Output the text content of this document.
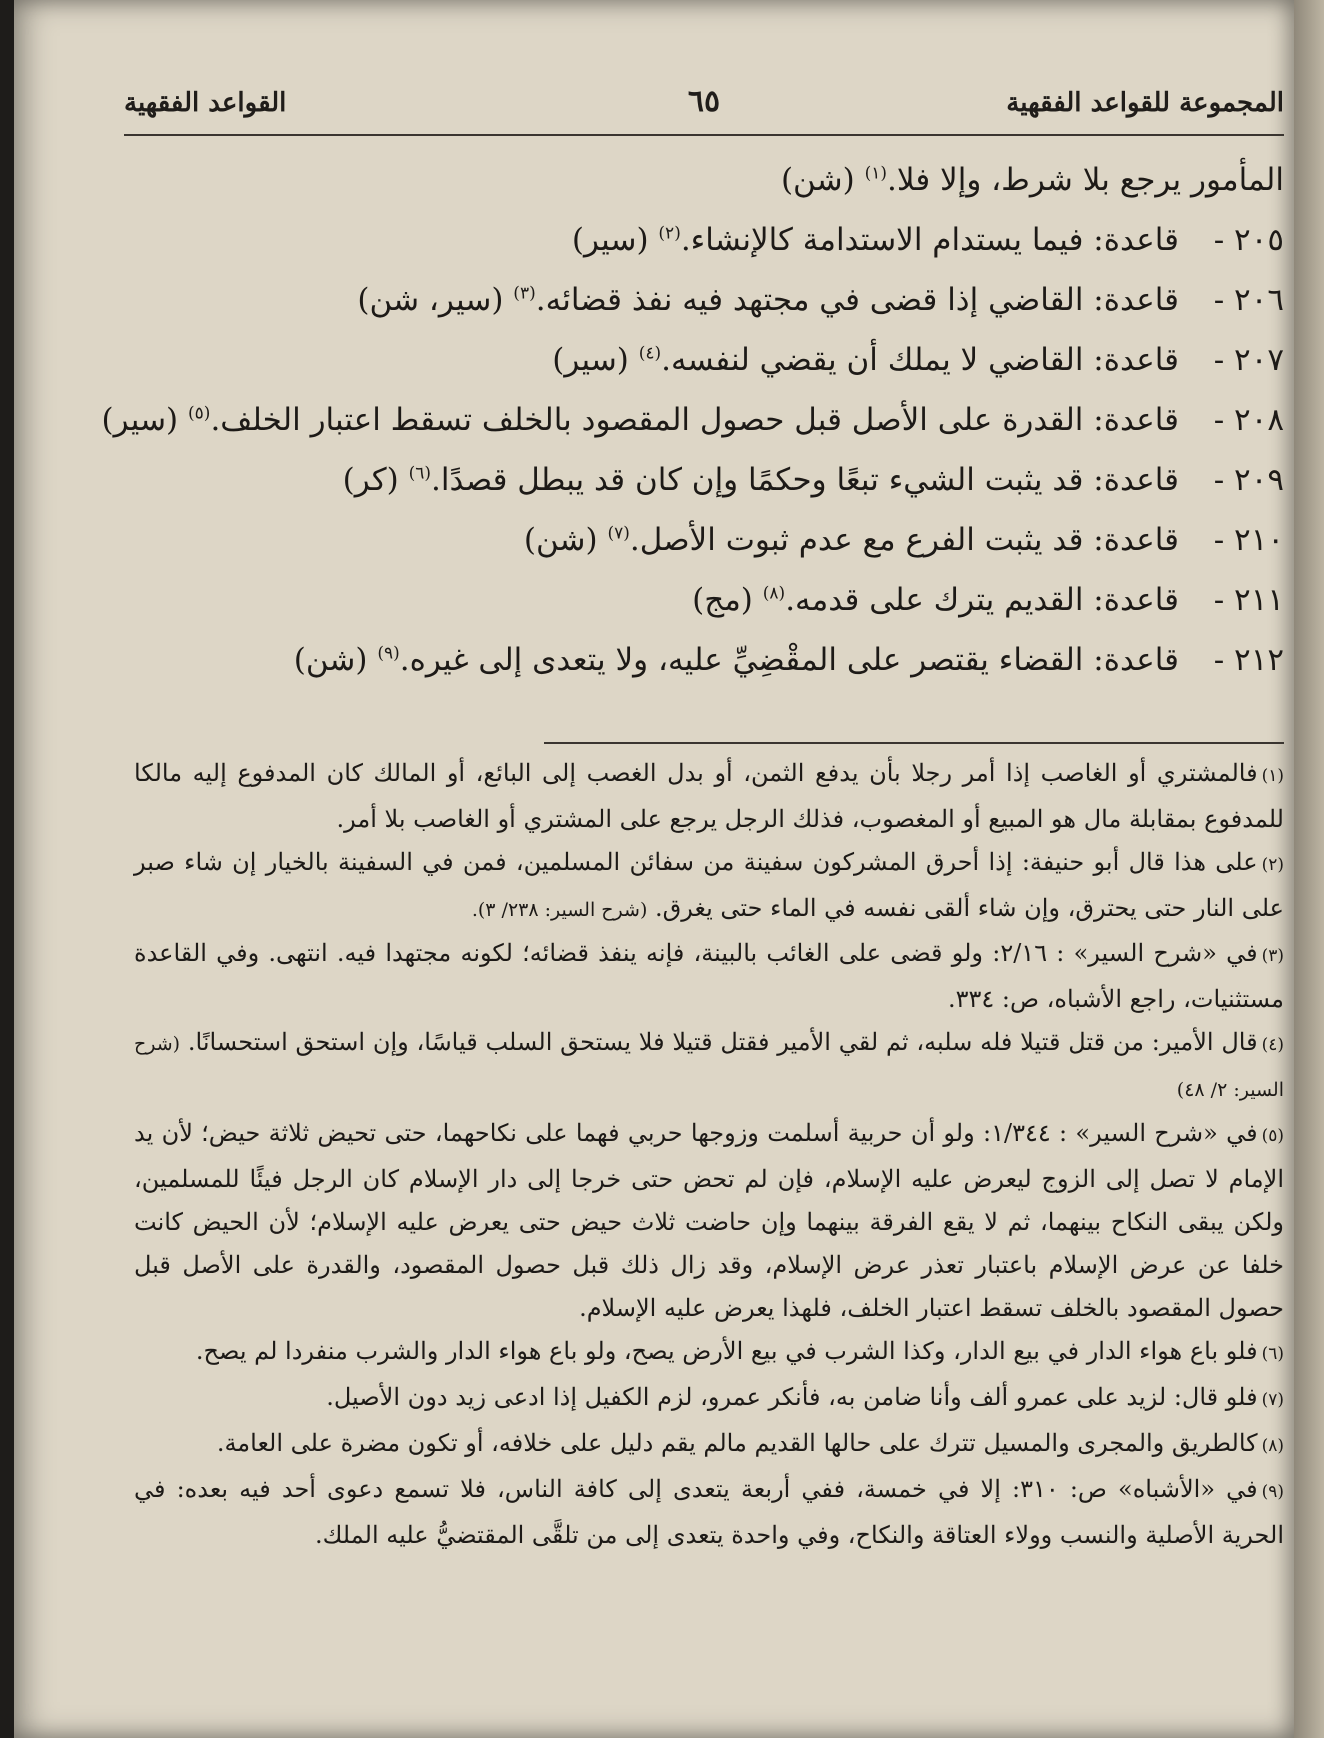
المجموعة للقواعد الفقهية
٦٥
القواعد الفقهية
المأمور يرجع بلا شرط، وإلا فلا.$^{(١)}$ (شن)
٢٠٥ -قاعدة: فيما يستدام الاستدامة كالإنشاء.$^{(٢)}$ (سير)
٢٠٦ -قاعدة: القاضي إذا قضى في مجتهد فيه نفذ قضائه.$^{(٣)}$ (سير، شن)
٢٠٧ -قاعدة: القاضي لا يملك أن يقضي لنفسه.$^{(٤)}$ (سير)
٢٠٨ -قاعدة: القدرة على الأصل قبل حصول المقصود بالخلف تسقط اعتبار الخلف.$^{(٥)}$ (سير)
٢٠٩ -قاعدة: قد يثبت الشيء تبعًا وحكمًا وإن كان قد يبطل قصدًا.$^{(٦)}$ (كر)
٢١٠ -قاعدة: قد يثبت الفرع مع عدم ثبوت الأصل.$^{(٧)}$ (شن)
٢١١ -قاعدة: القديم يترك على قدمه.$^{(٨)}$ (مج)
٢١٢ -قاعدة: القضاء يقتصر على المقْضِيِّ عليه، ولا يتعدى إلى غيره.$^{(٩)}$ (شن)

(١)فالمشتري أو الغاصب إذا أمر رجلا بأن يدفع الثمن، أو بدل الغصب إلى البائع، أو المالك كان المدفوع إليه مالكا للمدفوع بمقابلة مال هو المبيع أو المغصوب، فذلك الرجل يرجع على المشتري أو الغاصب بلا أمر.

(٢)على هذا قال أبو حنيفة: إذا أحرق المشركون سفينة من سفائن المسلمين، فمن في السفينة بالخيار إن شاء صبر على النار حتى يحترق، وإن شاء ألقى نفسه في الماء حتى يغرق. (شرح السير: ٢٣٨/ ٣).

(٣)في «شرح السير» : ٢/١٦: ولو قضى على الغائب بالبينة، فإنه ينفذ قضائه؛ لكونه مجتهدا فيه. انتهى. وفي القاعدة مستثنيات، راجع الأشباه، ص: ٣٣٤.

(٤)قال الأمير: من قتل قتيلا فله سلبه، ثم لقي الأمير فقتل قتيلا فلا يستحق السلب قياسًا، وإن استحق استحسانًا. (شرح السير: ٢/ ٤٨)

(٥)في «شرح السير» : ١/٣٤٤: ولو أن حربية أسلمت وزوجها حربي فهما على نكاحهما، حتى تحيض ثلاثة حيض؛ لأن يد الإمام لا تصل إلى الزوج ليعرض عليه الإسلام، فإن لم تحض حتى خرجا إلى دار الإسلام كان الرجل فيئًا للمسلمين، ولكن يبقى النكاح بينهما، ثم لا يقع الفرقة بينهما وإن حاضت ثلاث حيض حتى يعرض عليه الإسلام؛ لأن الحيض كانت خلفا عن عرض الإسلام باعتبار تعذر عرض الإسلام، وقد زال ذلك قبل حصول المقصود، والقدرة على الأصل قبل حصول المقصود بالخلف تسقط اعتبار الخلف، فلهذا يعرض عليه الإسلام.

(٦)فلو باع هواء الدار في بيع الدار، وكذا الشرب في بيع الأرض يصح، ولو باع هواء الدار والشرب منفردا لم يصح.

(٧)فلو قال: لزيد على عمرو ألف وأنا ضامن به، فأنكر عمرو، لزم الكفيل إذا ادعى زيد دون الأصيل.

(٨)كالطريق والمجرى والمسيل تترك على حالها القديم مالم يقم دليل على خلافه، أو تكون مضرة على العامة.

(٩)في «الأشباه» ص: ٣١٠: إلا في خمسة، ففي أربعة يتعدى إلى كافة الناس، فلا تسمع دعوى أحد فيه بعده: في الحرية الأصلية والنسب وولاء العتاقة والنكاح، وفي واحدة يتعدى إلى من تلقَّى المقتضيُّ عليه الملك.
